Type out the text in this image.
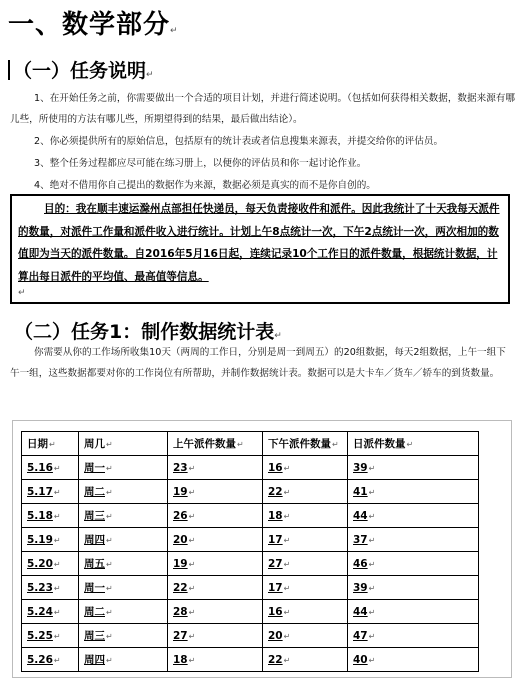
一、数学部分↵
（一）任务说明↵
1、在开始任务之前，你需要做出一个合适的项目计划，并进行简述说明。（包括如何获得相关数据，数据来源有哪儿些，所使用的方法有哪儿些，所期望得到的结果，最后做出结论）。
2、你必须提供所有的原始信息，包括原有的统计表或者信息搜集来源表，并提交给你的评估员。
3、整个任务过程都应尽可能在练习册上，以便你的评估员和你一起讨论作业。
4、绝对不借用你自己提出的数据作为来源，数据必须是真实的而不是你自创的。
目的：我在顺丰速运滁州点部担任快递员，每天负责接收件和派件。因此我统计了十天我每天派件的数量，对派件工作量和派件收入进行统计。计划上午8点统计一次，下午2点统计一次，两次相加的数值即为当天的派件数量。自2016年5月16日起，连续记录10个工作日的派件数量，根据统计数据，计算出每日派件的平均值、最高值等信息。
↵
（二）任务1：制作数据统计表↵
你需要从你的工作场所收集10天（两周的工作日，分别是周一到周五）的20组数据，每天2组数据，上午一组下午一组，这些数据都要对你的工作岗位有所帮助，并制作数据统计表。数据可以是大卡车／货车／轿车的到货数量。
日期↵	周几↵	上午派件数量↵	下午派件数量↵	日派件数量↵
5.16↵	周一↵	23↵	16↵	39↵
5.17↵	周二↵	19↵	22↵	41↵
5.18↵	周三↵	26↵	18↵	44↵
5.19↵	周四↵	20↵	17↵	37↵
5.20↵	周五↵	19↵	27↵	46↵
5.23↵	周一↵	22↵	17↵	39↵
5.24↵	周二↵	28↵	16↵	44↵
5.25↵	周三↵	27↵	20↵	47↵
5.26↵	周四↵	18↵	22↵	40↵
